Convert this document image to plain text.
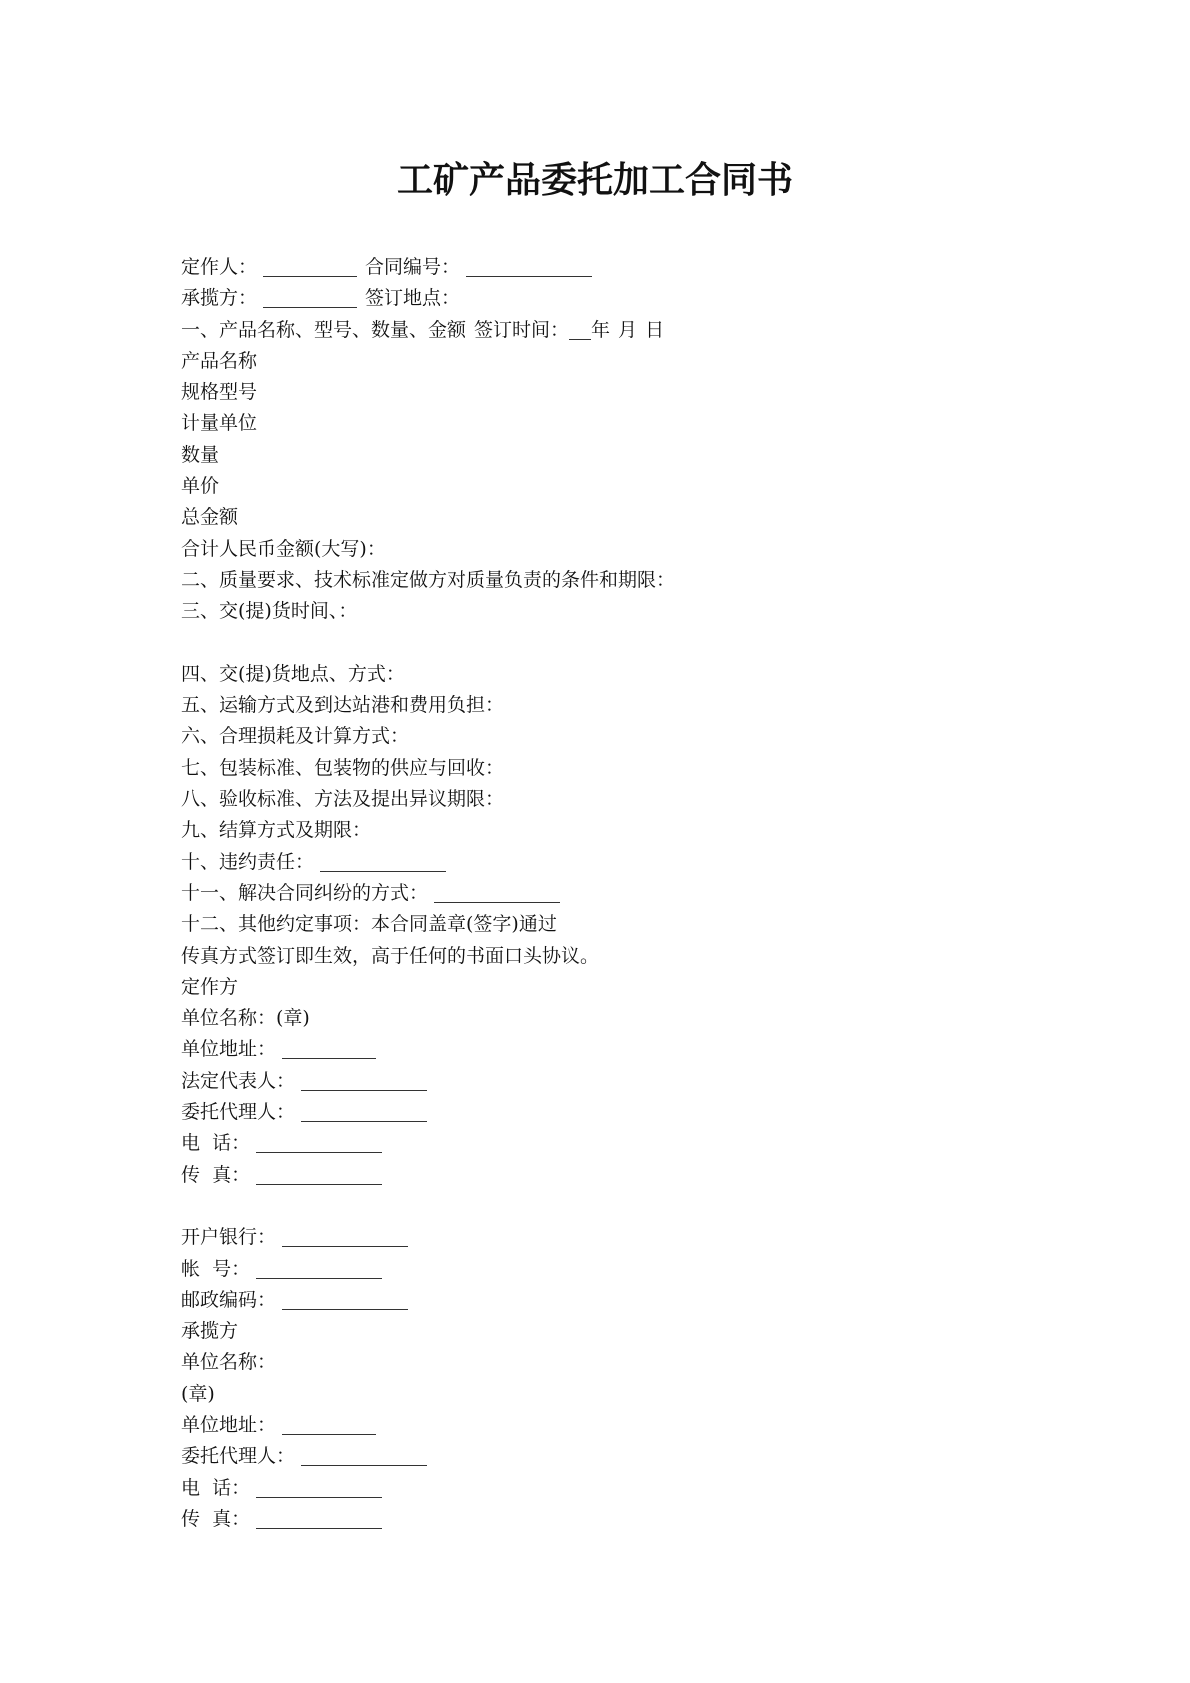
工矿产品委托加工合同书
定作人：	合同编号：
承揽方：	签订地点：
一、产品名称、型号、数量、金额 签订时间： 年 月 日
产品名称
规格型号
计量单位
数量
单价
总金额
合计人民币金额(大写)：
二、质量要求、技术标准定做方对质量负责的条件和期限：
三、交(提)货时间、：
四、交(提)货地点、方式：
五、运输方式及到达站港和费用负担：
六、合理损耗及计算方式：
七、包装标准、包装物的供应与回收：
八、验收标准、方法及提出异议期限：
九、结算方式及期限：
十、违约责任：
十一、解决合同纠纷的方式：
十二、其他约定事项：本合同盖章(签字)通过
传真方式签订即生效，高于任何的书面口头协议。
定作方
单位名称：(章)
单位地址：
法定代表人：
委托代理人：
电  话：
传  真：
开户银行：
帐  号：
邮政编码：
承揽方
单位名称：
(章)
单位地址：
委托代理人：
电  话：
传  真：
